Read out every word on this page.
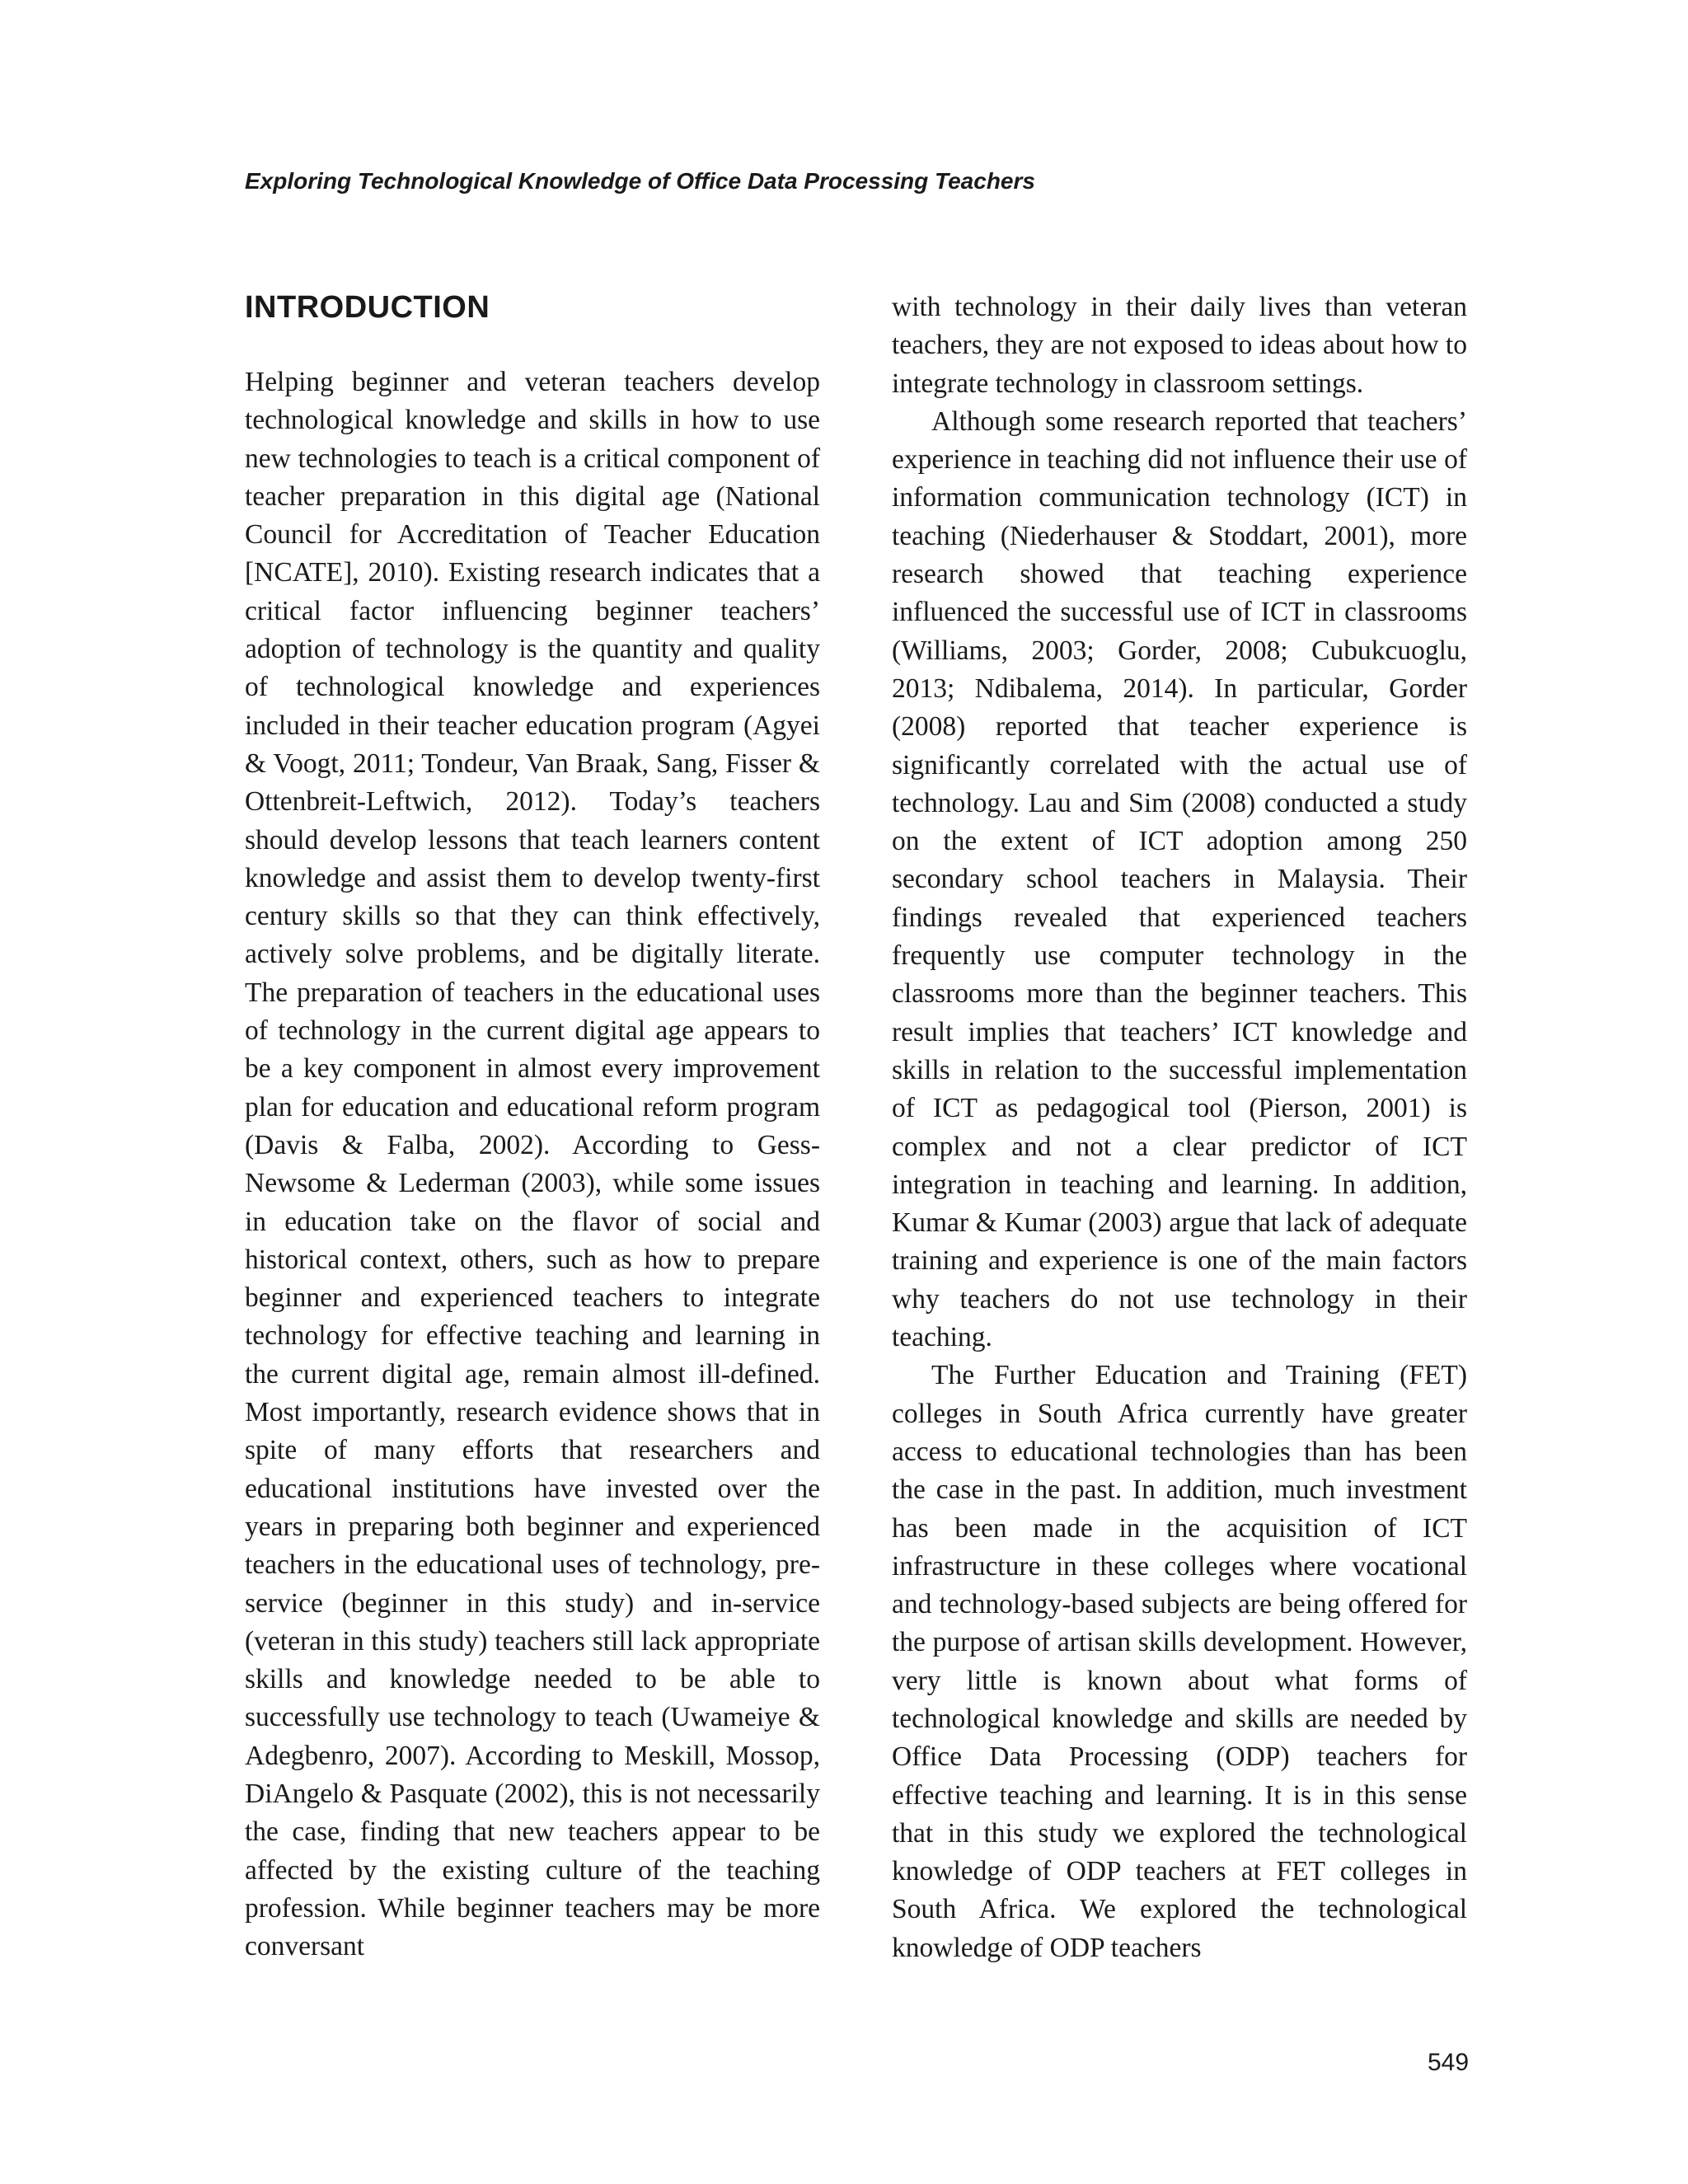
Exploring Technological Knowledge of Office Data Processing Teachers

INTRODUCTION

Helping beginner and veteran teachers develop technological knowledge and skills in how to use new technologies to teach is a critical component of teacher preparation in this digital age (National Council for Accreditation of Teacher Education [NCATE], 2010). Existing research indicates that a critical factor influencing beginner teachers’ adoption of technology is the quantity and quality of technological knowledge and experiences included in their teacher education program (Agyei & Voogt, 2011; Tondeur, Van Braak, Sang, Fisser & Ottenbreit-Leftwich, 2012). Today’s teachers should develop lessons that teach learners content knowledge and assist them to develop twenty-first century skills so that they can think effectively, actively solve problems, and be digitally literate. The preparation of teachers in the educational uses of technology in the current digital age appears to be a key component in almost every improvement plan for education and educational reform program (Davis & Falba, 2002). According to Gess-Newsome & Lederman (2003), while some issues in education take on the flavor of social and historical context, others, such as how to prepare beginner and experienced teachers to integrate technology for effective teaching and learning in the current digital age, remain almost ill-defined. Most importantly, research evidence shows that in spite of many efforts that researchers and educational institutions have invested over the years in preparing both beginner and experienced teachers in the educational uses of technology, pre-service (beginner in this study) and in-service (veteran in this study) teachers still lack appropriate skills and knowledge needed to be able to successfully use technology to teach (Uwameiye & Adegbenro, 2007). According to Meskill, Mossop, DiAngelo & Pasquate (2002), this is not necessarily the case, finding that new teachers appear to be affected by the existing culture of the teaching profession. While beginner teachers may be more conversant

with technology in their daily lives than veteran teachers, they are not exposed to ideas about how to integrate technology in classroom settings.

Although some research reported that teachers’ experience in teaching did not influence their use of information communication technology (ICT) in teaching (Niederhauser & Stoddart, 2001), more research showed that teaching experience influenced the successful use of ICT in classrooms (Williams, 2003; Gorder, 2008; Cubukcuoglu, 2013; Ndibalema, 2014). In particular, Gorder (2008) reported that teacher experience is significantly correlated with the actual use of technology. Lau and Sim (2008) conducted a study on the extent of ICT adoption among 250 secondary school teachers in Malaysia. Their findings revealed that experienced teachers frequently use computer technology in the classrooms more than the beginner teachers. This result implies that teachers’ ICT knowledge and skills in relation to the successful implementation of ICT as pedagogical tool (Pierson, 2001) is complex and not a clear predictor of ICT integration in teaching and learning. In addition, Kumar & Kumar (2003) argue that lack of adequate training and experience is one of the main factors why teachers do not use technology in their teaching.

The Further Education and Training (FET) colleges in South Africa currently have greater access to educational technologies than has been the case in the past. In addition, much investment has been made in the acquisition of ICT infrastructure in these colleges where vocational and technology-based subjects are being offered for the purpose of artisan skills development. However, very little is known about what forms of technological knowledge and skills are needed by Office Data Processing (ODP) teachers for effective teaching and learning. It is in this sense that in this study we explored the technological knowledge of ODP teachers at FET colleges in South Africa. We explored the technological knowledge of ODP teachers

549
